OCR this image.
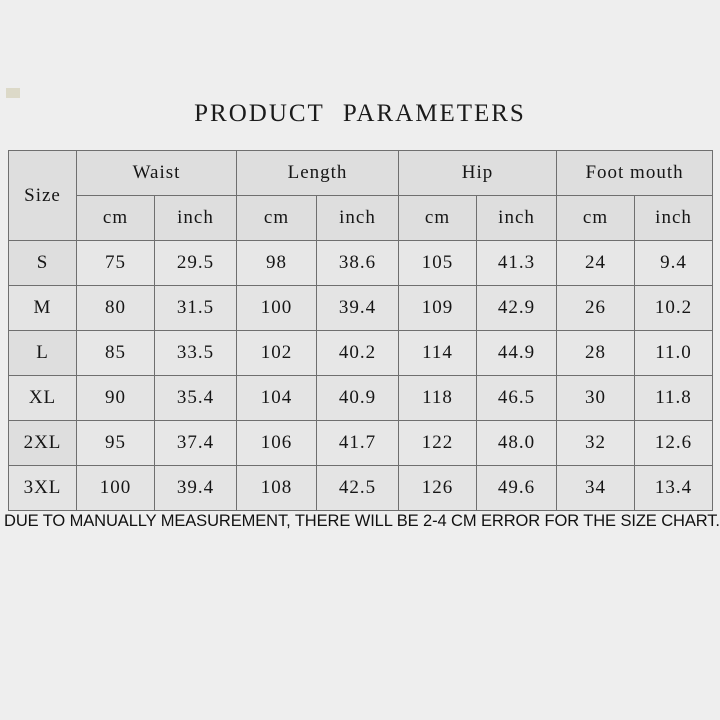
PRODUCT PARAMETERS
Size	Waist		Length		Hip		Foot mouth	
	cm	inch	cm	inch	cm	inch	cm	inch
S	75	29.5	98	38.6	105	41.3	24	9.4
M	80	31.5	100	39.4	109	42.9	26	10.2
L	85	33.5	102	40.2	114	44.9	28	11.0
XL	90	35.4	104	40.9	118	46.5	30	11.8
2XL	95	37.4	106	41.7	122	48.0	32	12.6
3XL	100	39.4	108	42.5	126	49.6	34	13.4
DUE TO MANUALLY MEASUREMENT, THERE WILL BE 2-4 CM ERROR FOR THE SIZE CHART.
